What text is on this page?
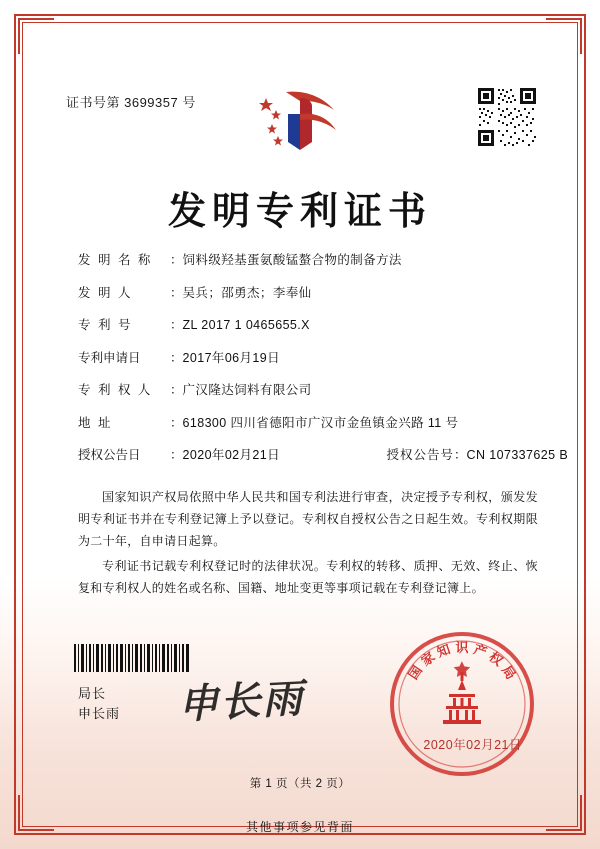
证书号第 3699357 号
发明专利证书
发 明 名 称	： 饲料级羟基蛋氨酸锰螯合物的制备方法
发 明 人	： 吴兵；邵勇杰；李奉仙
专 利 号	： ZL 2017 1 0465655.X
专利申请日	： 2017年06月19日
专 利 权 人	： 广汉隆达饲料有限公司
地 址	： 618300 四川省德阳市广汉市金鱼镇金兴路 11 号
授权公告日	： 2020年02月21日	授权公告号 ： CN 107337625 B

国家知识产权局依照中华人民共和国专利法进行审查，决定授予专利权，颁发发明专利证书并在专利登记簿上予以登记。专利权自授权公告之日起生效。专利权期限为二十年，自申请日起算。

专利证书记载专利权登记时的法律状况。专利权的转移、质押、无效、终止、恢复和专利权人的姓名或名称、国籍、地址变更等事项记载在专利登记簿上。

局长
申长雨 申长雨
国
家
知 识 产
权
局
2020年02月21日
第 1 页（共 2 页）
其他事项参见背面
